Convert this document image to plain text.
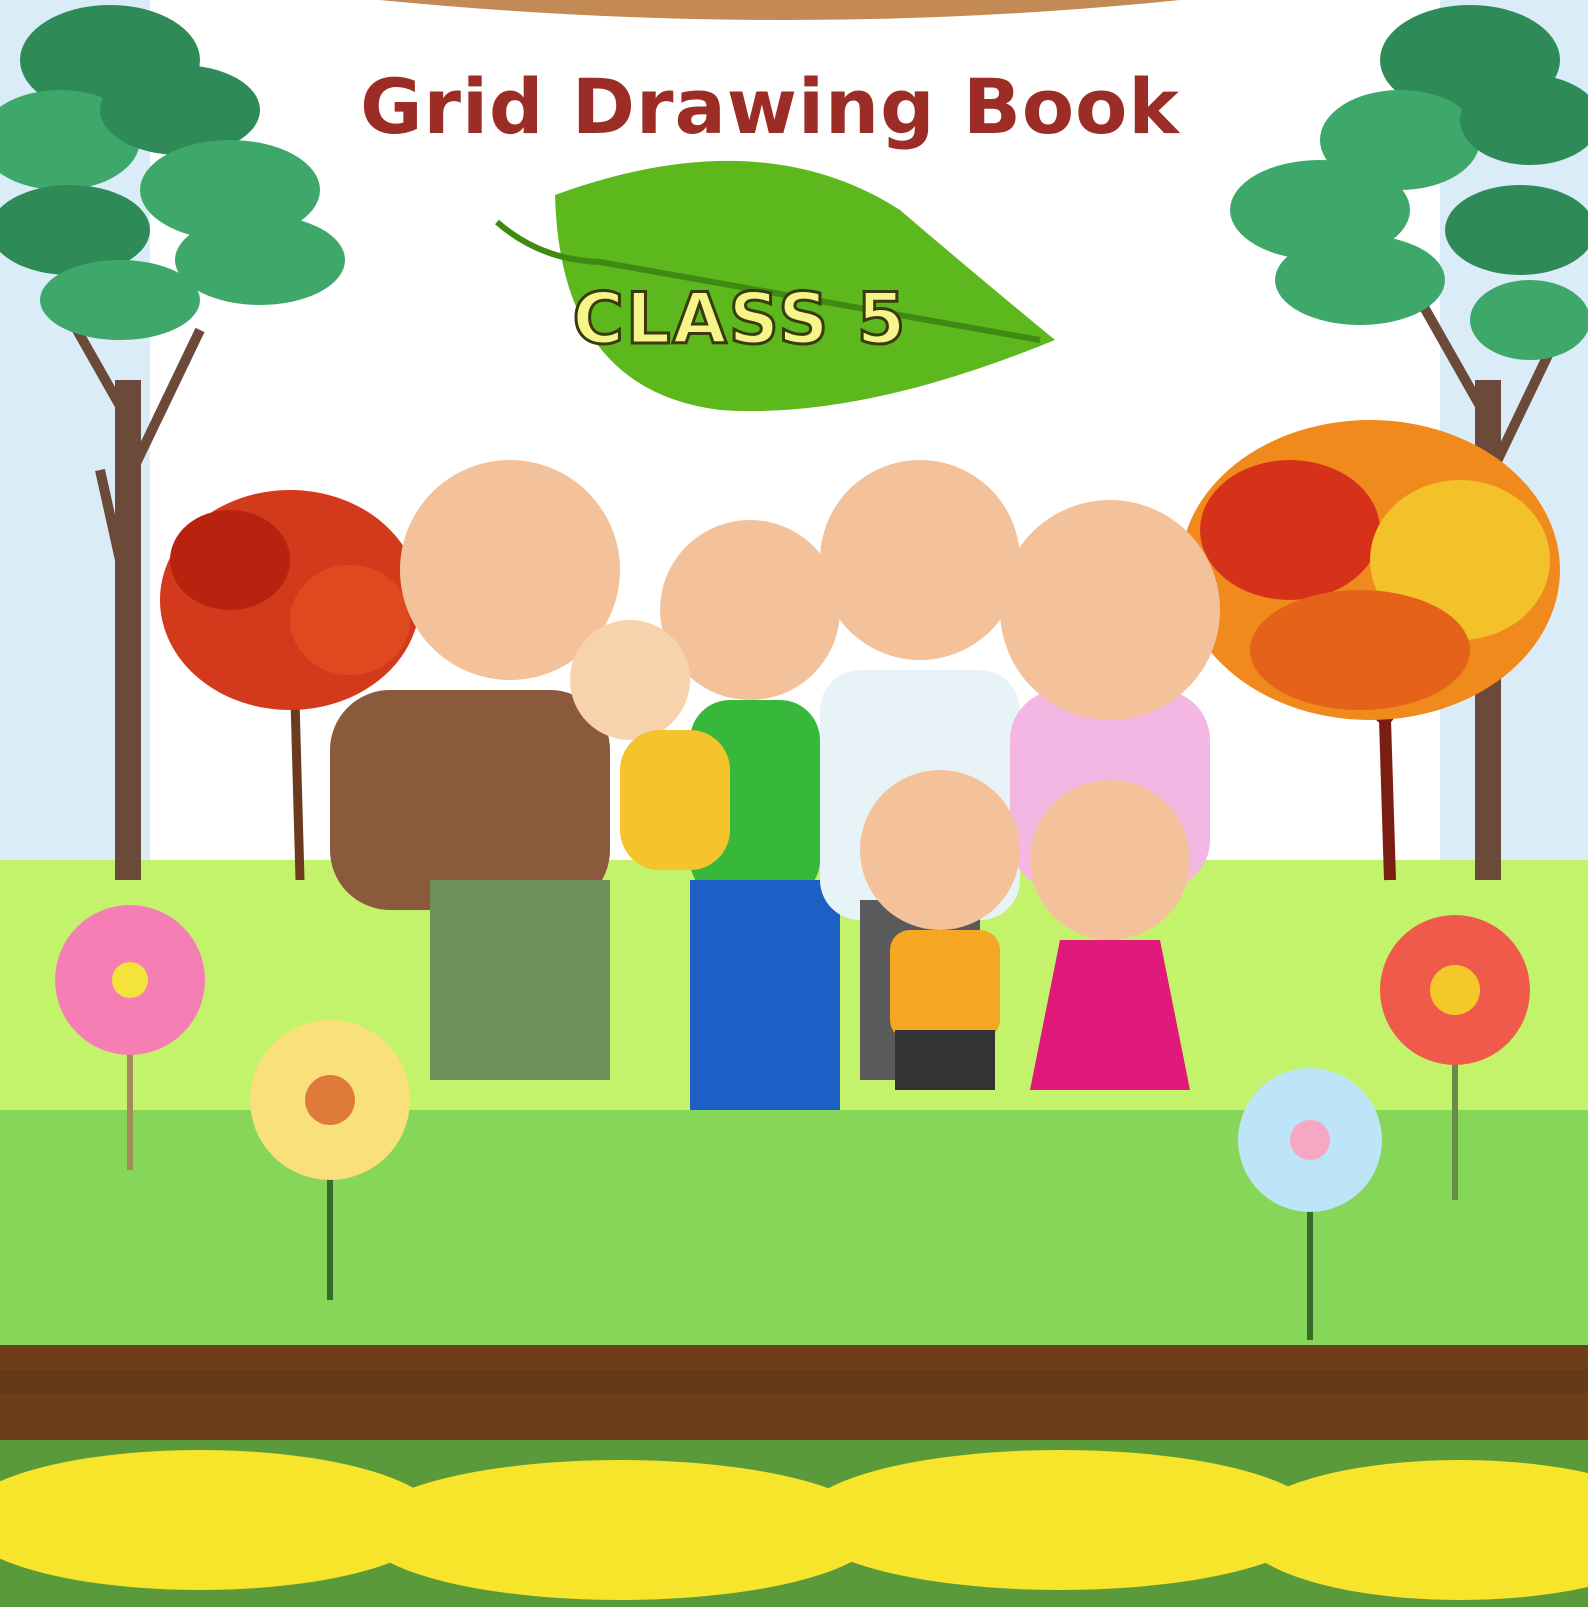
Grid Drawing Book
CLASS 5
